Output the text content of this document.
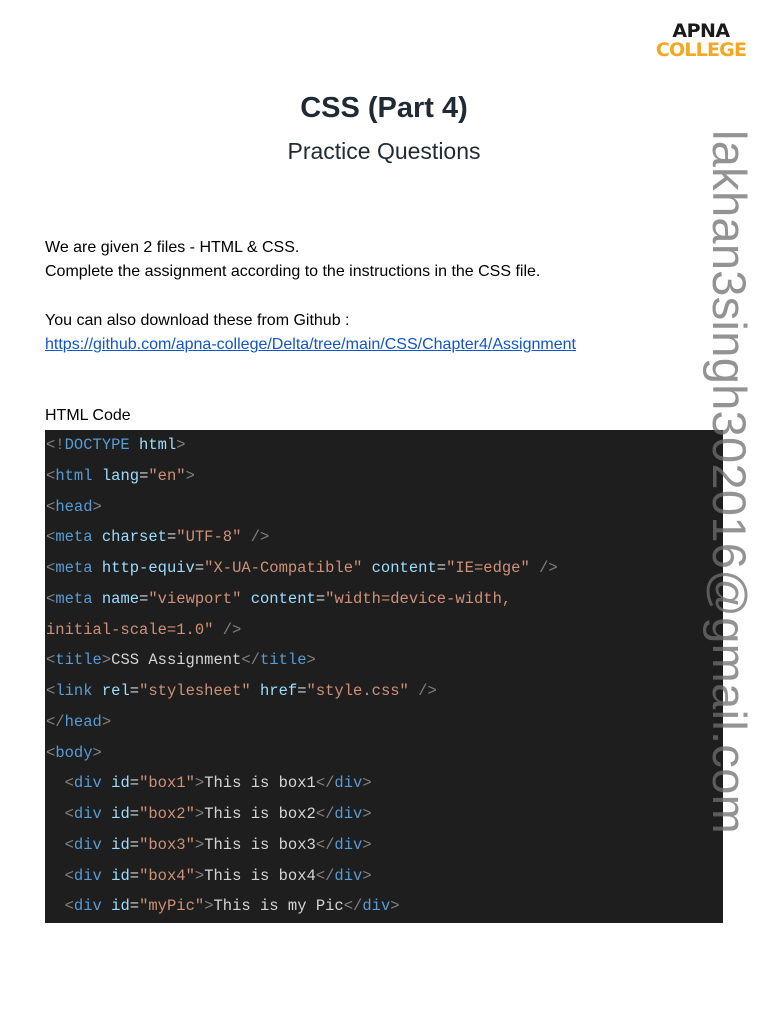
APNA
COLLEGE
CSS (Part 4)
Practice Questions
We are given 2 files - HTML & CSS.
Complete the assignment according to the instructions in the CSS file.
You can also download these from Github :
https://github.com/apna-college/Delta/tree/main/CSS/Chapter4/Assignment
HTML Code
<!DOCTYPE html>
<html lang="en">
<head>
<meta charset="UTF-8" />
<meta http-equiv="X-UA-Compatible" content="IE=edge" />
<meta name="viewport" content="width=device-width,
initial-scale=1.0" />
<title>CSS Assignment</title>
<link rel="stylesheet" href="style.css" />
</head>
<body>
<div id="box1">This is box1</div>
<div id="box2">This is box2</div>
<div id="box3">This is box3</div>
<div id="box4">This is box4</div>
<div id="myPic">This is my Pic</div>
lakhan3singh302016@gmail.com
